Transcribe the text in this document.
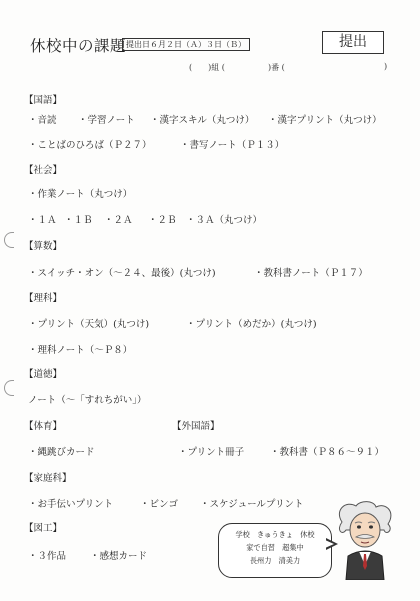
休校中の課題 提出日６月２日（Ａ）３日（Ｂ）	提出
(　　)組 (	)番 (	)
【国語】
・音読 ・学習ノート ・漢字スキル（丸つけ） ・漢字プリント（丸つけ）
・ことばのひろば（Ｐ２７）	・書写ノート（Ｐ１３）
【社会】
・作業ノート（丸つけ）
・１Ａ ・１Ｂ ・２Ａ ・２Ｂ ・３Ａ（丸つけ）
【算数】
・スイッチ・オン（〜２４、最後）(丸つけ)	・教科書ノート（Ｐ１７）
【理科】
・プリント（天気）(丸つけ)	・プリント（めだか）(丸つけ)
・理科ノート（〜Ｐ８）
【道徳】
ノート（〜「すれちがい」）
【体育】	【外国語】
・縄跳びカード	・プリント冊子	・教科書（Ｐ８６〜９１）
【家庭科】
・お手伝いプリント	・ビンゴ ・スケジュールプリント
【図工】
・３作品	・感想カード
学校　きゅうきょ　休校
家で自習　超集中
長州力　清美力
